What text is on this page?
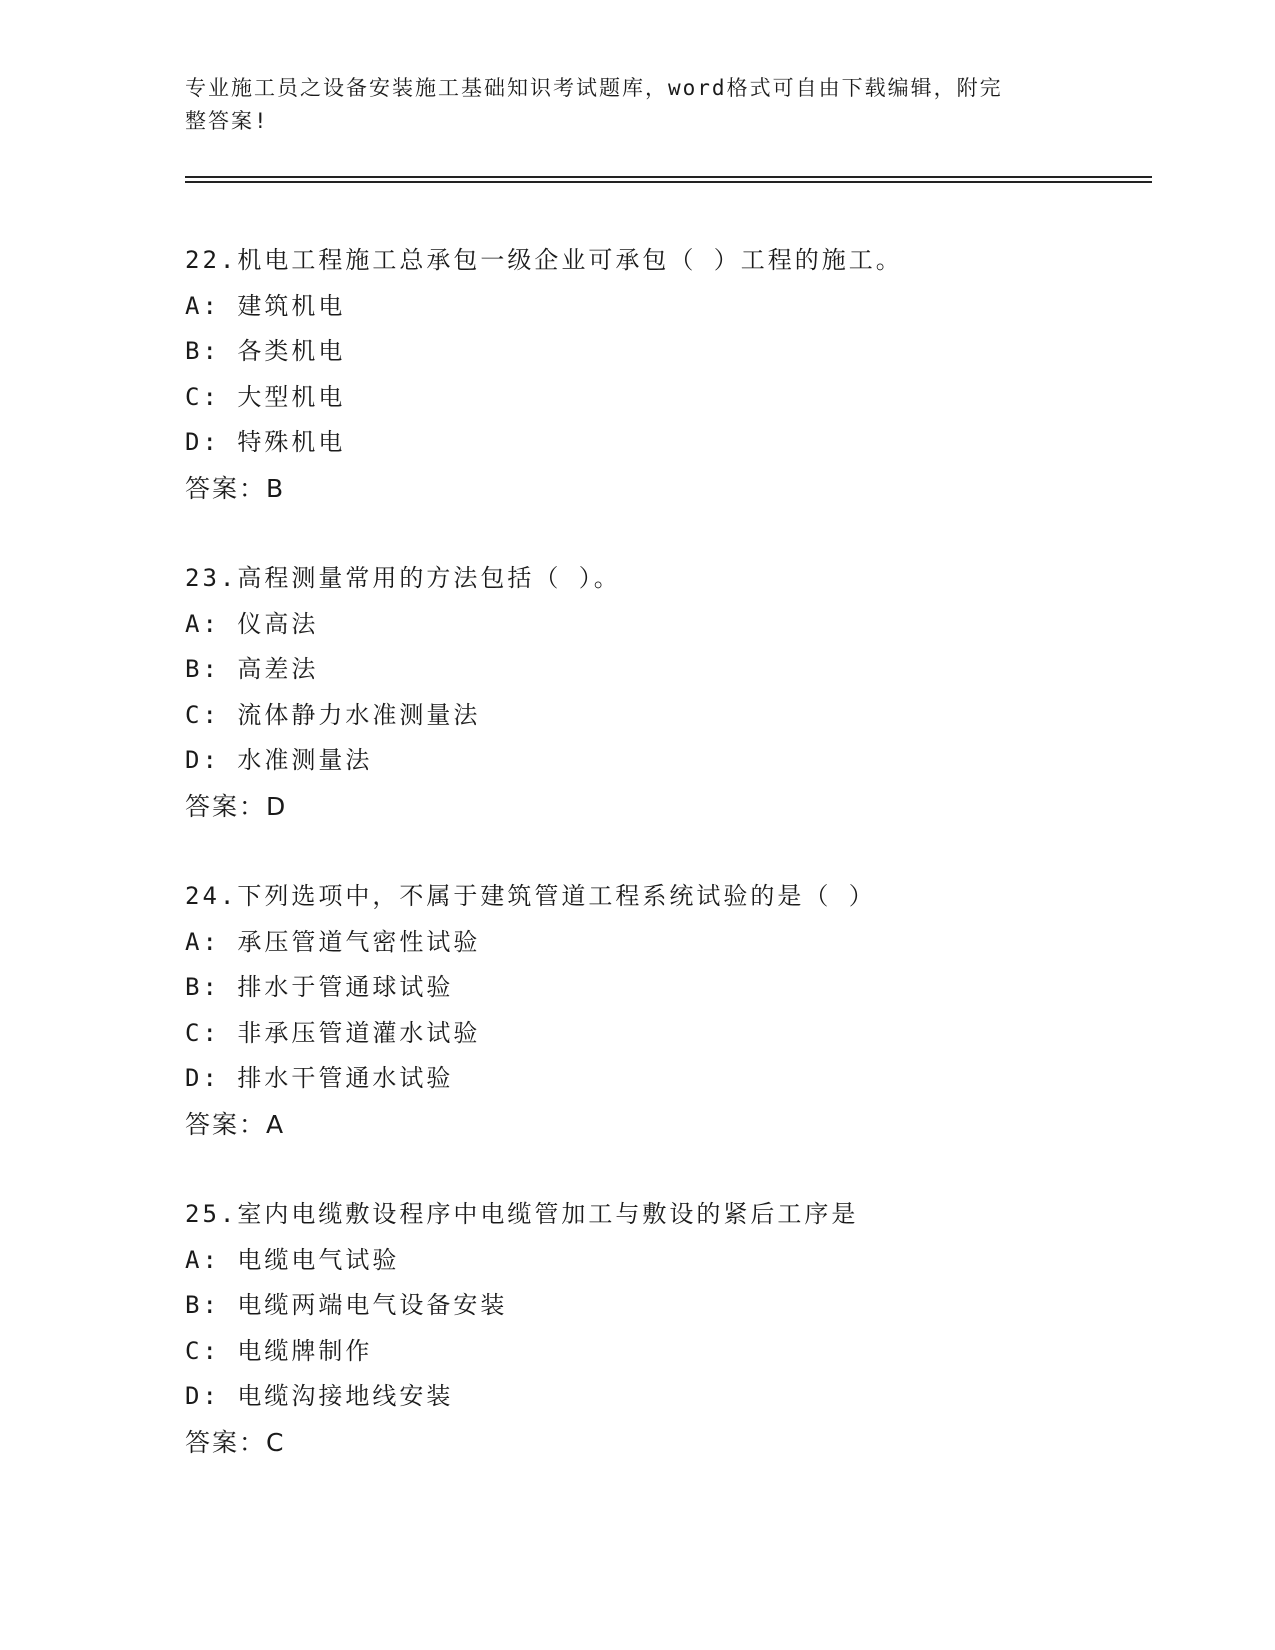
专业施工员之设备安装施工基础知识考试题库，word格式可自由下载编辑，附完
整答案!
22.机电工程施工总承包一级企业可承包（ ）工程的施工。
A: 建筑机电
B: 各类机电
C: 大型机电
D: 特殊机电
答案：B
23.高程测量常用的方法包括（ ）。
A: 仪高法
B: 高差法
C: 流体静力水准测量法
D: 水准测量法
答案：D
24.下列选项中，不属于建筑管道工程系统试验的是（ ）
A: 承压管道气密性试验
B: 排水于管通球试验
C: 非承压管道灌水试验
D: 排水干管通水试验
答案：A
25.室内电缆敷设程序中电缆管加工与敷设的紧后工序是
A: 电缆电气试验
B: 电缆两端电气设备安装
C: 电缆牌制作
D: 电缆沟接地线安装
答案：C
